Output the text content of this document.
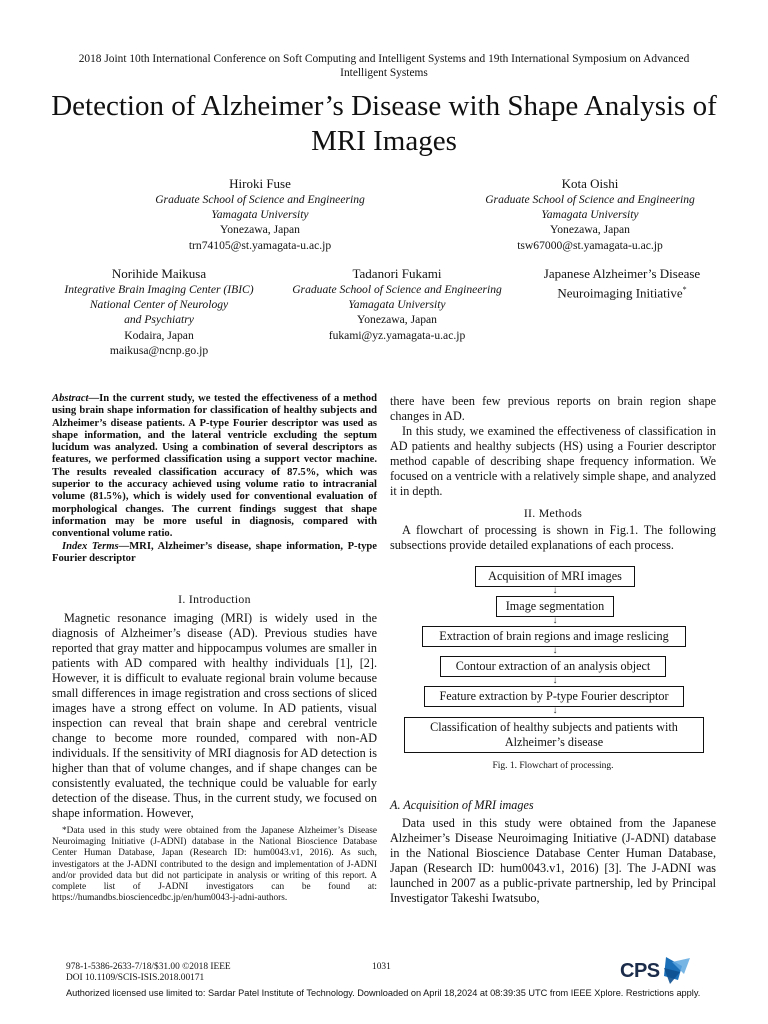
2018 Joint 10th International Conference on Soft Computing and Intelligent Systems and 19th International Symposium on Advanced Intelligent Systems
Detection of Alzheimer’s Disease with Shape Analysis of MRI Images
Hiroki Fuse
Graduate School of Science and Engineering
Yamagata University
Yonezawa, Japan
trn74105@st.yamagata-u.ac.jp
Kota Oishi
Graduate School of Science and Engineering
Yamagata University
Yonezawa, Japan
tsw67000@st.yamagata-u.ac.jp
Norihide Maikusa
Integrative Brain Imaging Center (IBIC)
National Center of Neurology
and Psychiatry
Kodaira, Japan
maikusa@ncnp.go.jp
Tadanori Fukami
Graduate School of Science and Engineering
Yamagata University
Yonezawa, Japan
fukami@yz.yamagata-u.ac.jp
Japanese Alzheimer’s Disease
Neuroimaging Initiative*
Abstract—In the current study, we tested the effectiveness of a method using brain shape information for classification of healthy subjects and Alzheimer’s disease patients. A P-type Fourier descriptor was used as shape information, and the lateral ventricle excluding the septum lucidum was analyzed. Using a combination of several descriptors as features, we performed classification using a support vector machine. The results revealed classification accuracy of 87.5%, which was superior to the accuracy achieved using volume ratio to intracranial volume (81.5%), which is widely used for conventional evaluation of morphological changes. The current findings suggest that shape information may be more useful in diagnosis, compared with conventional volume ratio.
Index Terms—MRI, Alzheimer’s disease, shape information, P-type Fourier descriptor
I. Introduction

Magnetic resonance imaging (MRI) is widely used in the diagnosis of Alzheimer’s disease (AD). Previous studies have reported that gray matter and hippocampus volumes are smaller in patients with AD compared with healthy individuals [1], [2]. However, it is difficult to evaluate regional brain volume because small differences in image registration and cross sections of sliced images have a strong effect on volume. In AD patients, visual inspection can reveal that brain shape and cerebral ventricle change to become more rounded, compared with non-AD individuals. If the sensitivity of MRI diagnosis for AD detection is higher than that of volume changes, and if shape changes can be consistently evaluated, the technique could be valuable for early detection of the disease. Thus, in the current study, we focused on shape information. However,

*Data used in this study were obtained from the Japanese Alzheimer’s Disease Neuroimaging Initiative (J-ADNI) database in the National Bioscience Database Center Human Database, Japan (Research ID: hum0043.v1, 2016). As such, investigators at the J-ADNI contributed to the design and implementation of J-ADNI and/or provided data but did not participate in analysis or writing of this report. A complete list of J-ADNI investigators can be found at: https://humandbs.biosciencedbc.jp/en/hum0043-j-adni-authors.

there have been few previous reports on brain region shape changes in AD.

In this study, we examined the effectiveness of classification in AD patients and healthy subjects (HS) using a Fourier descriptor method capable of describing shape frequency information. We focused on a ventricle with a relatively simple shape, and analyzed it in depth.

II. Methods

A flowchart of processing is shown in Fig.1. The following subsections provide detailed explanations of each process.

Acquisition of MRI images
↓
Image segmentation
↓
Extraction of brain regions and image reslicing
↓
Contour extraction of an analysis object
↓
Feature extraction by P-type Fourier descriptor
↓
Classification of healthy subjects and patients with Alzheimer’s disease
Fig. 1. Flowchart of processing.
A. Acquisition of MRI images

Data used in this study were obtained from the Japanese Alzheimer’s Disease Neuroimaging Initiative (J-ADNI) database in the National Bioscience Database Center Human Database, Japan (Research ID: hum0043.v1, 2016) [3]. The J-ADNI was launched in 2007 as a public-private partnership, led by Principal Investigator Takeshi Iwatsubo,

978-1-5386-2633-7/18/$31.00 ©2018 IEEE
DOI 10.1109/SCIS-ISIS.2018.00171
1031	CPS
Authorized licensed use limited to: Sardar Patel Institute of Technology. Downloaded on April 18,2024 at 08:39:35 UTC from IEEE Xplore. Restrictions apply.
